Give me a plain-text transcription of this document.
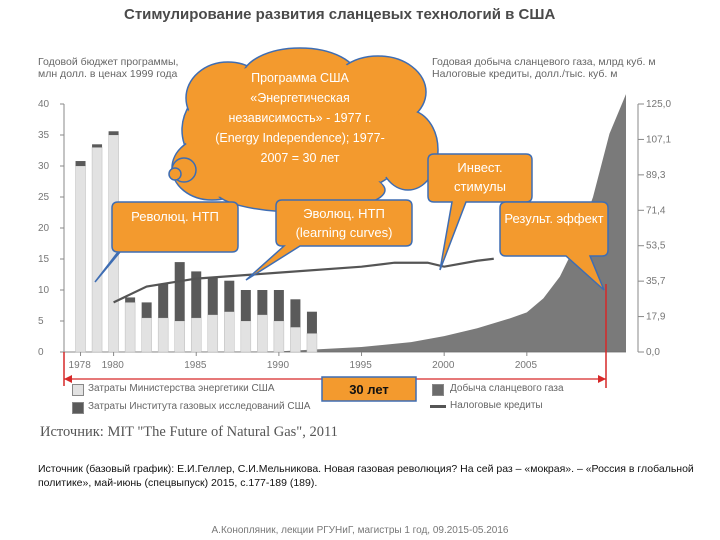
Стимулирование развития сланцевых технологий в США
Годовой бюджет программы, млн долл. в ценах 1999 года
Годовая добыча сланцевого газа, млрд куб. м Налоговые кредиты, долл./тыс. куб. м
0
5
10
15
20
25
30
35
40
0,0
17,9
35,7
53,5
71,4
89,3
107,1
125,0
1978 1980	1985	1990	1995	2000	2005
Программа США «Энергетическая независимость» - 1977 г. (Energy Independence); 1977-2007 = 30 лет
Революц. НТП	Эволюц. НТП (learning curves)
Инвест. стимулы
Результ. эффект
30 лет
Затраты Министерства энергетики США
Затраты Института газовых исследований США
Добыча сланцевого газа
Налоговые кредиты
Источник: MIT "The Future of Natural Gas", 2011
Источник (базовый график): Е.И.Геллер, С.И.Мельникова. Новая газовая революция? На сей раз – «мокрая». – «Россия в глобальной политике», май-июнь (спецвыпуск) 2015, с.177-189 (189).
А.Конопляник, лекции РГУНиГ, магистры 1 год, 09.2015-05.2016
